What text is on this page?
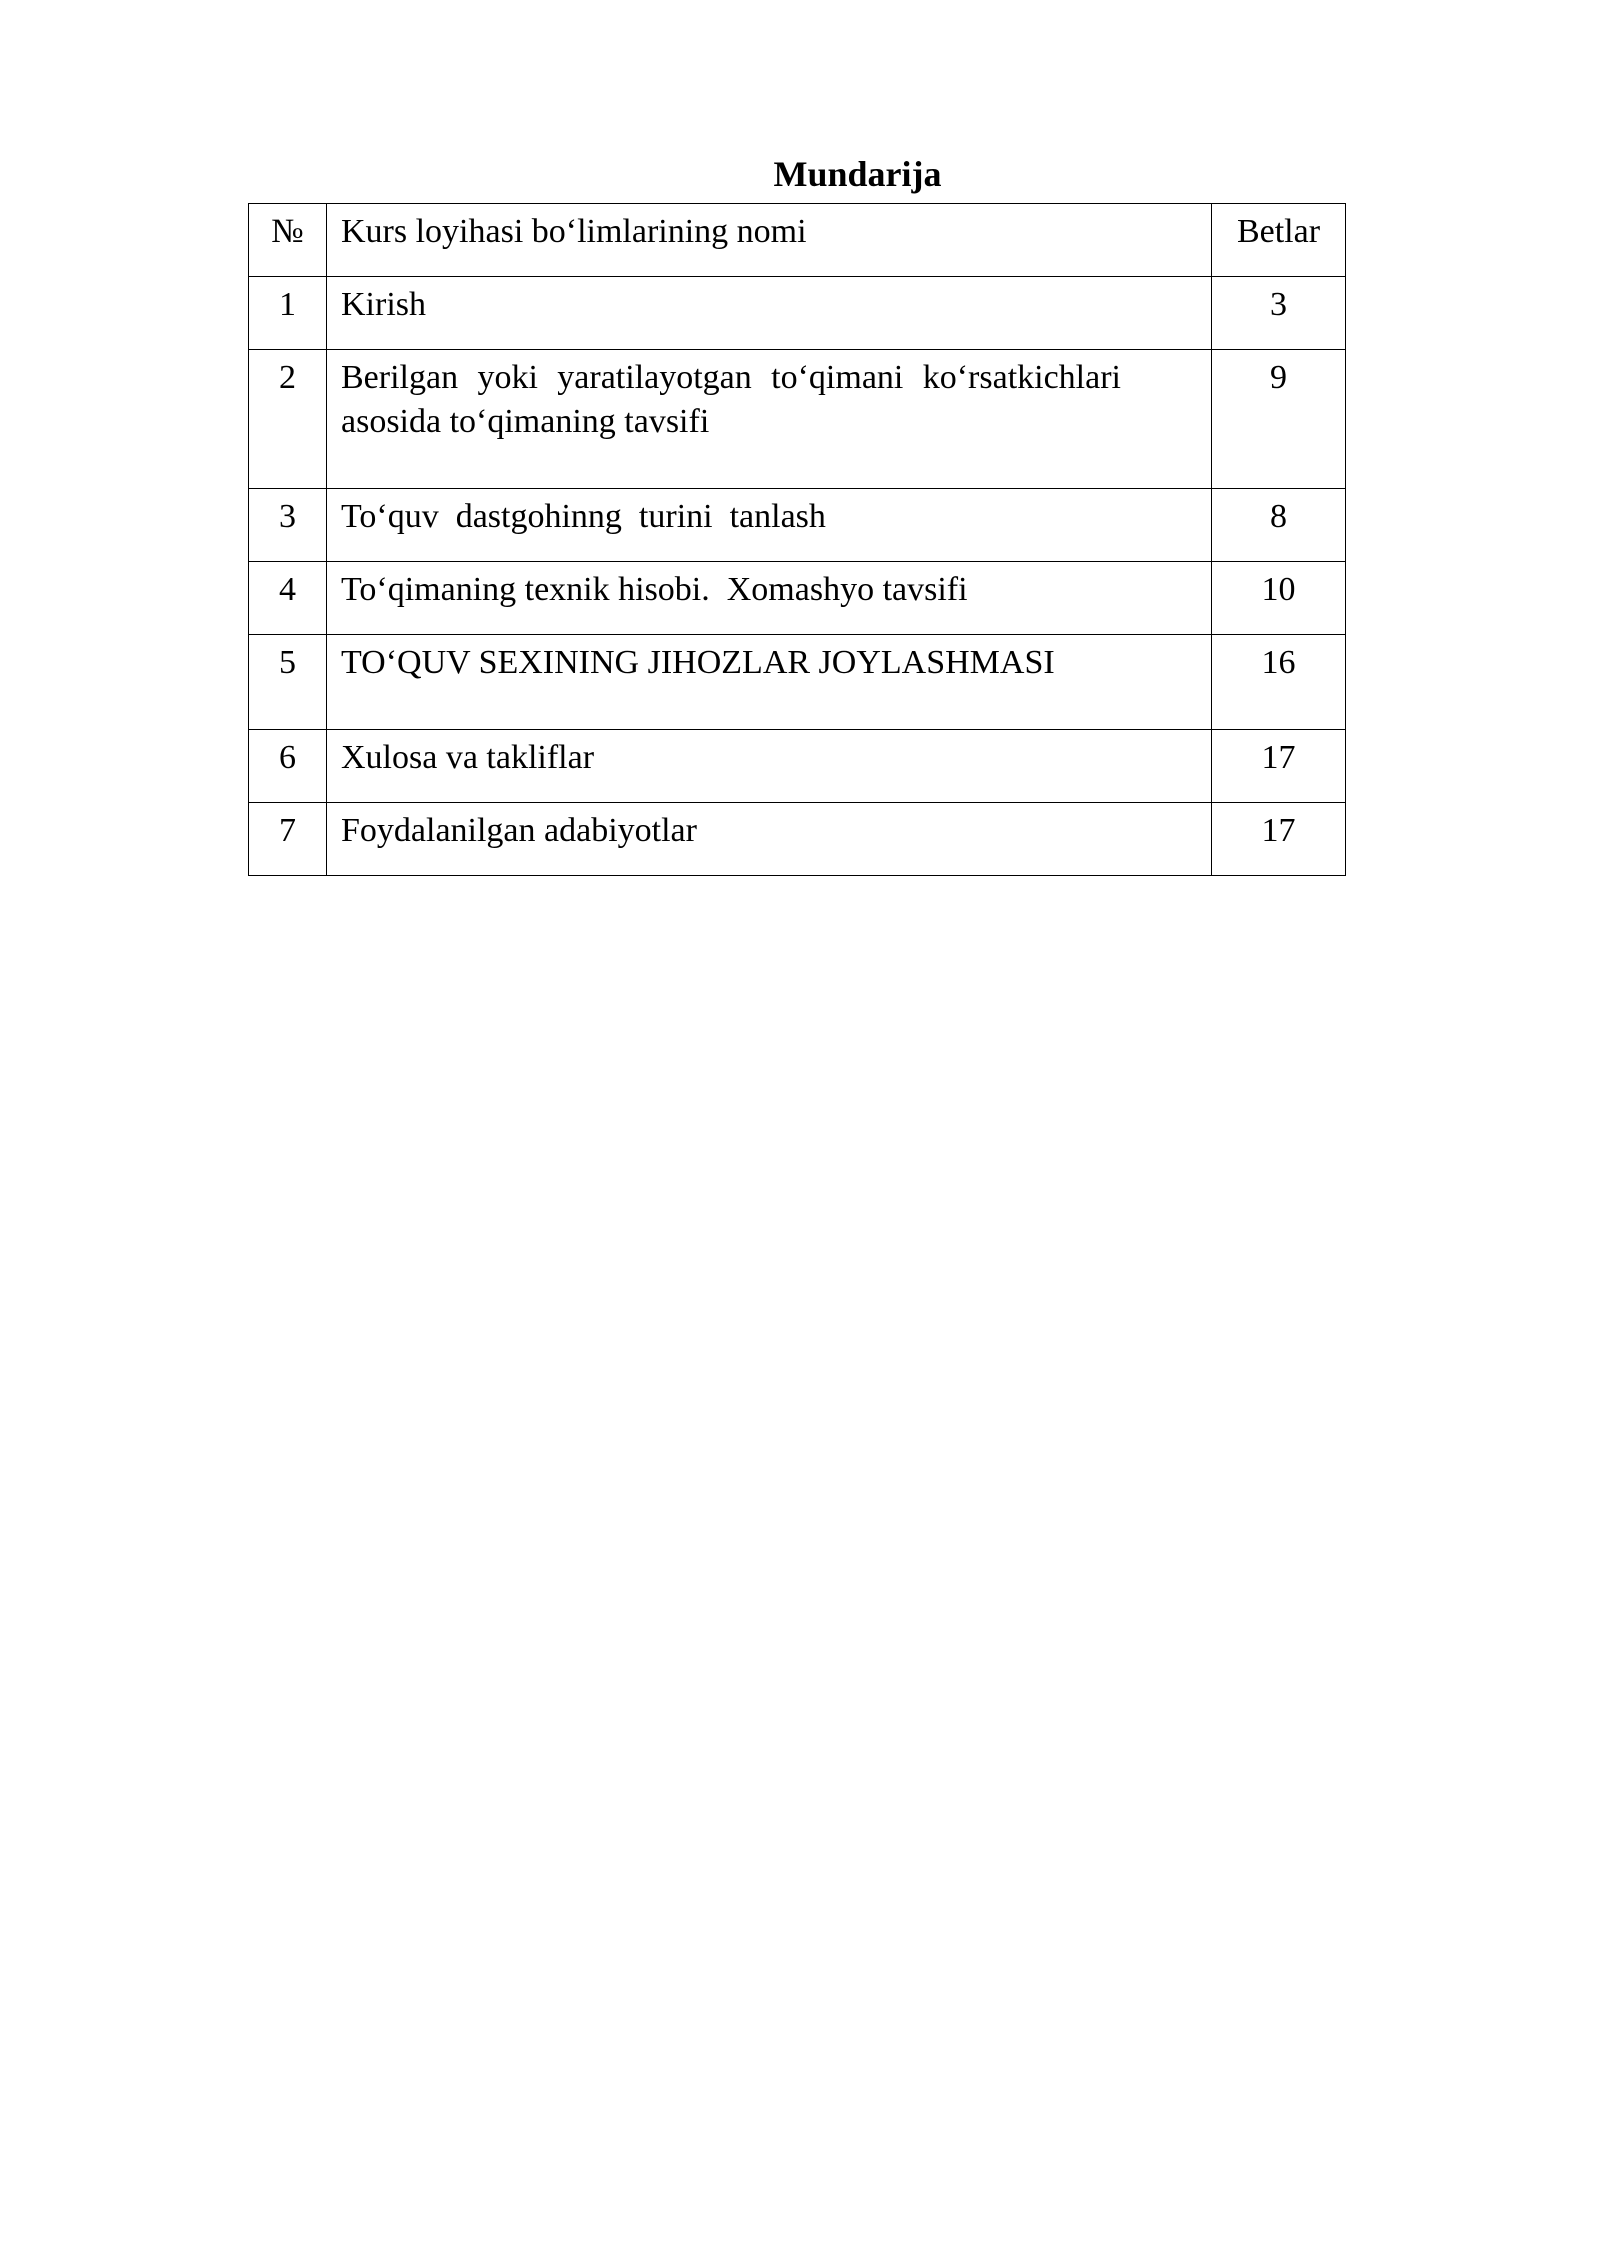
Mundarija
№	Kurs loyihasi bo‘limlarining nomi	Betlar
1	Kirish	3
2	Berilgan yoki yaratilayotgan to‘qimani ko‘rsatkichlari asosida to‘qimaning tavsifi	9
3	To‘quv  dastgohinng  turini  tanlash	8
4	To‘qimaning texnik hisobi.  Xomashyo tavsifi	10
5	TO‘QUV SEXINING JIHOZLAR JOYLASHMASI	16
6	Xulosa va takliflar	17
7	Foydalanilgan adabiyotlar	17
